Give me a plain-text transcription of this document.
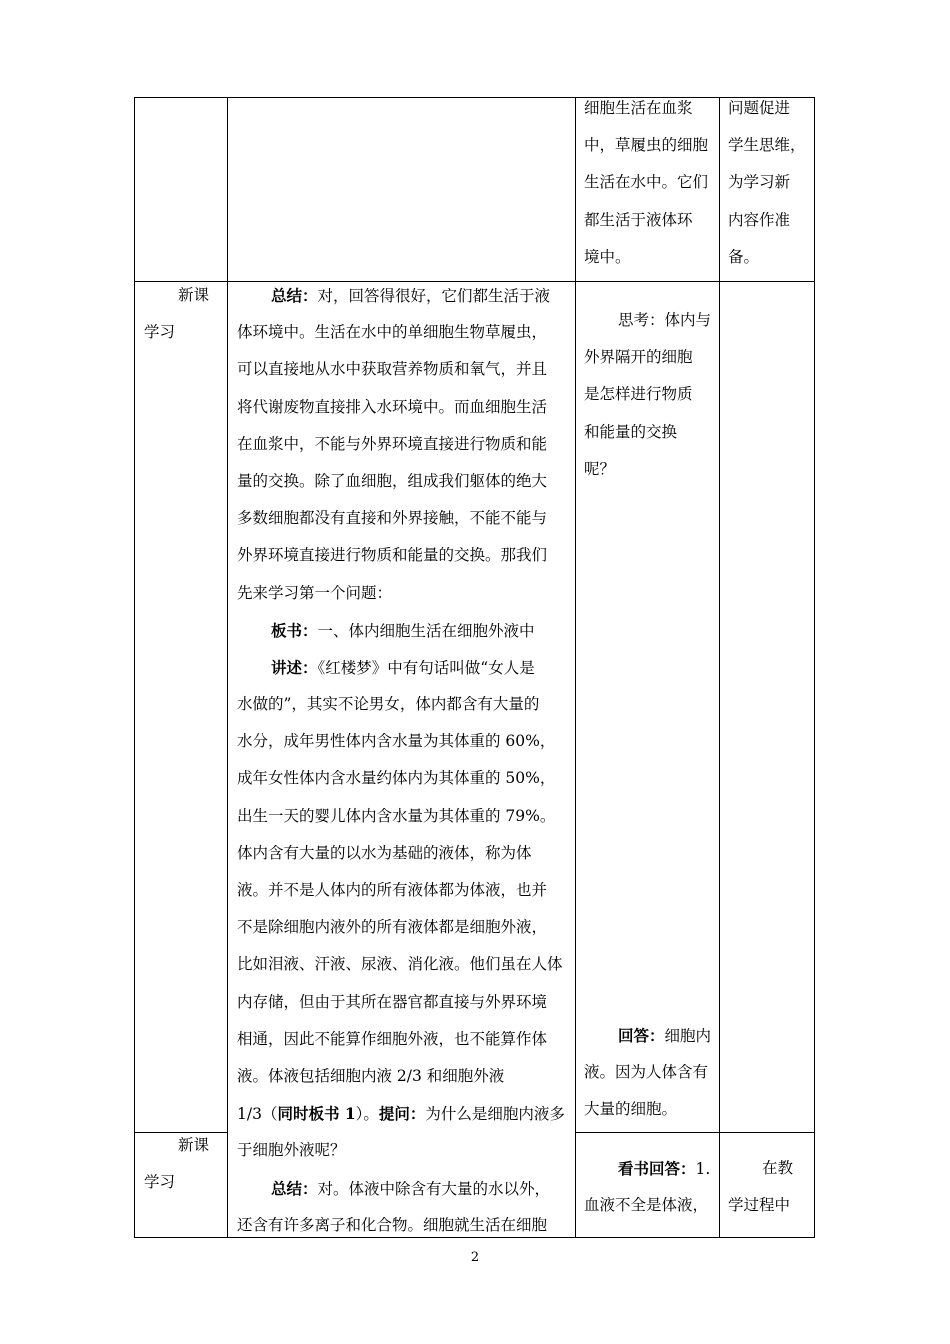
细胞生活在血浆
中，草履虫的细胞
生活在水中。它们
都生活于液体环
境中。
问题促进
学生思维，
为学习新
内容作准
备。
新课
学习
总结：对，回答得很好，它们都生活于液
体环境中。生活在水中的单细胞生物草履虫，
可以直接地从水中获取营养物质和氧气，并且
将代谢废物直接排入水环境中。而血细胞生活
在血浆中，不能与外界环境直接进行物质和能
量的交换。除了血细胞，组成我们躯体的绝大
多数细胞都没有直接和外界接触，不能不能与
外界环境直接进行物质和能量的交换。那我们
先来学习第一个问题：
板书：一、体内细胞生活在细胞外液中
讲述：《红楼梦》中有句话叫做“女人是
水做的”，其实不论男女，体内都含有大量的
水分，成年男性体内含水量为其体重的 60%，
成年女性体内含水量约体内为其体重的 50%，
出生一天的婴儿体内含水量为其体重的 79%。
体内含有大量的以水为基础的液体，称为体
液。并不是人体内的所有液体都为体液，也并
不是除细胞内液外的所有液体都是细胞外液，
比如泪液、汗液、尿液、消化液。他们虽在人体
内存储，但由于其所在器官都直接与外界环境
相通，因此不能算作细胞外液，也不能算作体
液。体液包括细胞内液 2/3 和细胞外液
1/3（同时板书 1）。提问：为什么是细胞内液多
于细胞外液呢？
总结：对。体液中除含有大量的水以外，
还含有许多离子和化合物。细胞就生活在细胞
思考：体内与
外界隔开的细胞
是怎样进行物质
和能量的交换
呢？
回答：细胞内
液。因为人体含有
大量的细胞。
新课
学习
看书回答：1.
血液不全是体液，
在教
学过程中
2
